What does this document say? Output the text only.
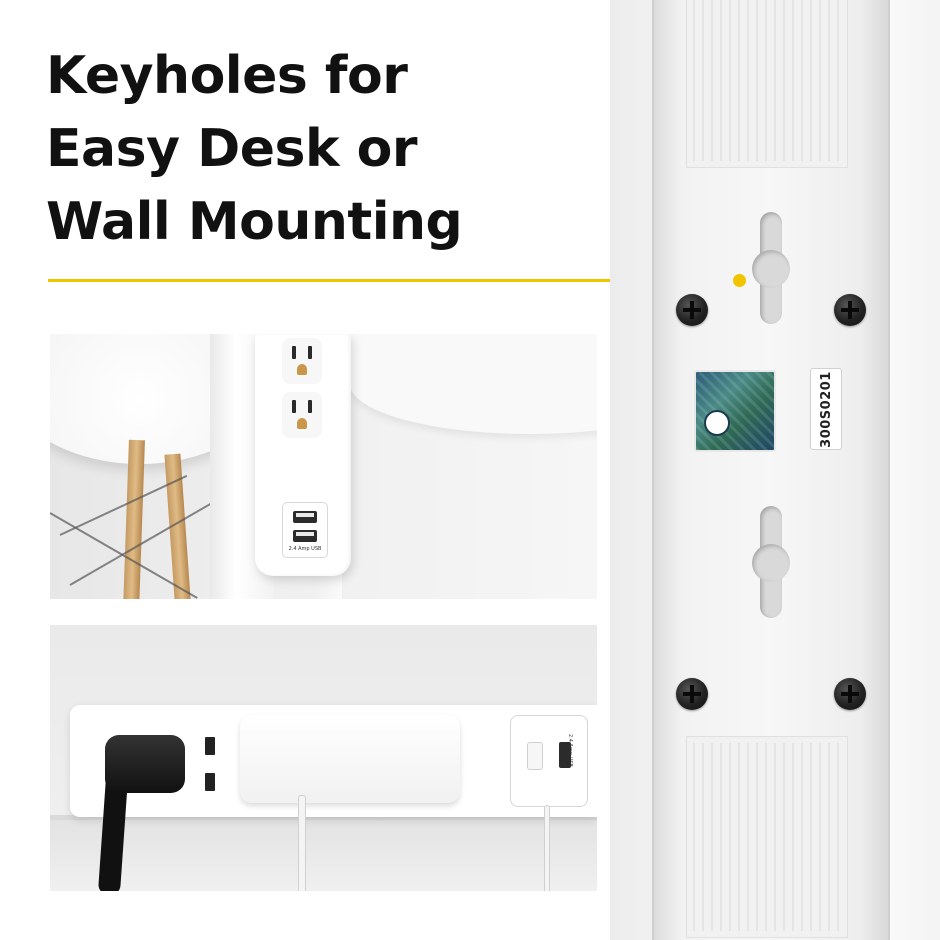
Keyholes for
Easy Desk or
Wall Mounting
300S0201
2.4 Amp USB
2.4 Amp USB
